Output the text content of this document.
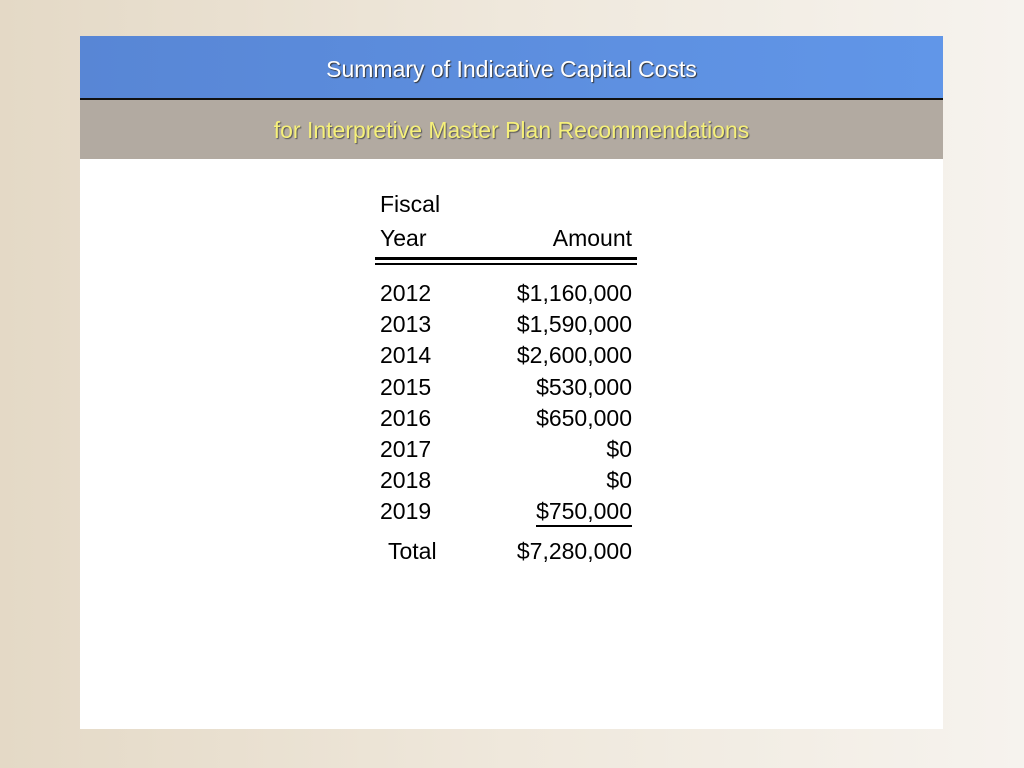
Summary of Indicative Capital Costs
for Interpretive Master Plan Recommendations
Fiscal
Year	Amount
2012	$1,160,000
2013	$1,590,000
2014	$2,600,000
2015	$530,000
2016	$650,000
2017	$0
2018	$0
2019	$750,000
Total	$7,280,000
